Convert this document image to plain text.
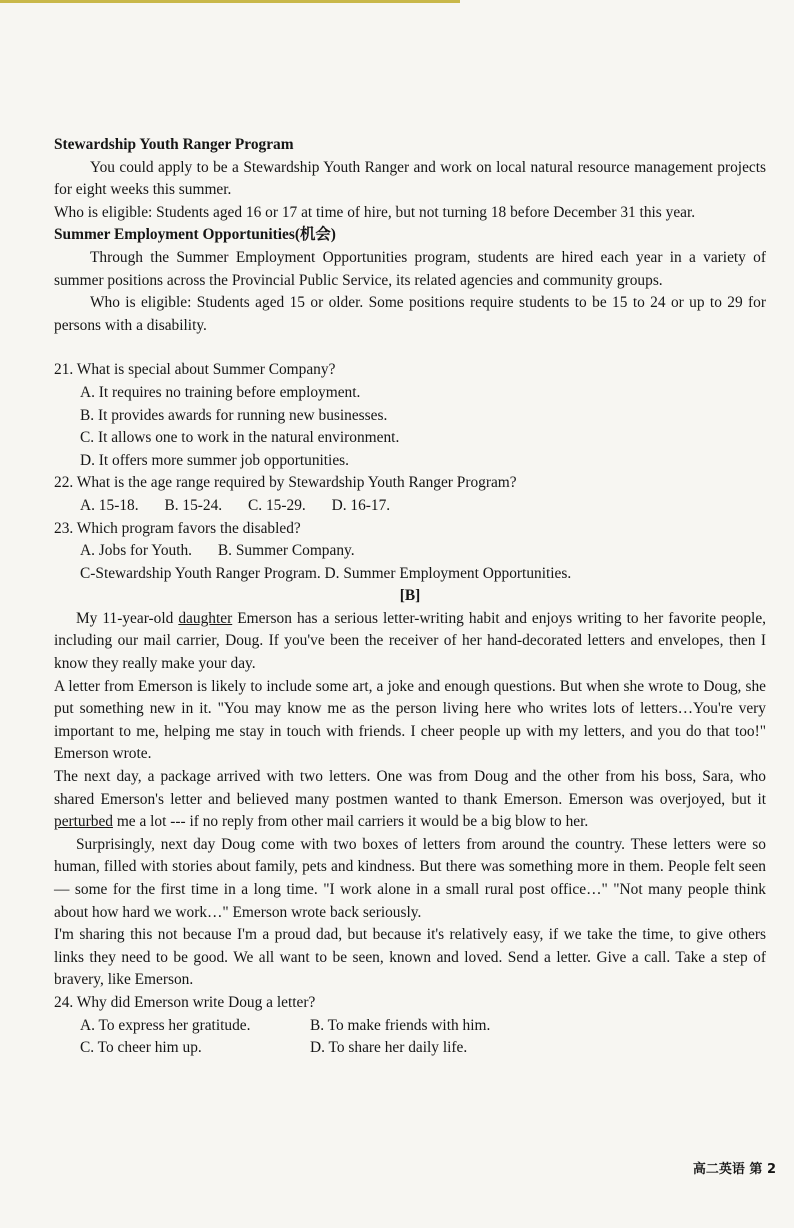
Stewardship Youth Ranger Program

You could apply to be a Stewardship Youth Ranger and work on local natural resource management projects for eight weeks this summer.

Who is eligible: Students aged 16 or 17 at time of hire, but not turning 18 before December 31 this year.

Summer Employment Opportunities(机会)

Through the Summer Employment Opportunities program, students are hired each year in a variety of summer positions across the Provincial Public Service, its related agencies and community groups.

Who is eligible: Students aged 15 or older. Some positions require students to be 15 to 24 or up to 29 for persons with a disability.

21. What is special about Summer Company?

A. It requires no training before employment.

B. It provides awards for running new businesses.

C. It allows one to work in the natural environment.

D. It offers more summer job opportunities.

22. What is the age range required by Stewardship Youth Ranger Program?

A. 15-18. B. 15-24. C. 15-29. D. 16-17.

23. Which program favors the disabled?

A. Jobs for Youth. B. Summer Company.

C-Stewardship Youth Ranger Program. D. Summer Employment Opportunities.

[B]

My 11-year-old daughter Emerson has a serious letter-writing habit and enjoys writing to her favorite people, including our mail carrier, Doug. If you've been the receiver of her hand-decorated letters and envelopes, then I know they really make your day.

A letter from Emerson is likely to include some art, a joke and enough questions. But when she wrote to Doug, she put something new in it. "You may know me as the person living here who writes lots of letters…You're very important to me, helping me stay in touch with friends. I cheer people up with my letters, and you do that too!" Emerson wrote.

The next day, a package arrived with two letters. One was from Doug and the other from his boss, Sara, who shared Emerson's letter and believed many postmen wanted to thank Emerson. Emerson was overjoyed, but it perturbed me a lot --- if no reply from other mail carriers it would be a big blow to her.

Surprisingly, next day Doug come with two boxes of letters from around the country. These letters were so human, filled with stories about family, pets and kindness. But there was something more in them. People felt seen— some for the first time in a long time. "I work alone in a small rural post office…" "Not many people think about how hard we work…" Emerson wrote back seriously.

I'm sharing this not because I'm a proud dad, but because it's relatively easy, if we take the time, to give others links they need to be good. We all want to be seen, known and loved. Send a letter. Give a call. Take a step of bravery, like Emerson.

24. Why did Emerson write Doug a letter?

A. To express her gratitude.	B. To make friends with him.

C. To cheer him up.	D. To share her daily life.

高二英语 第 2
